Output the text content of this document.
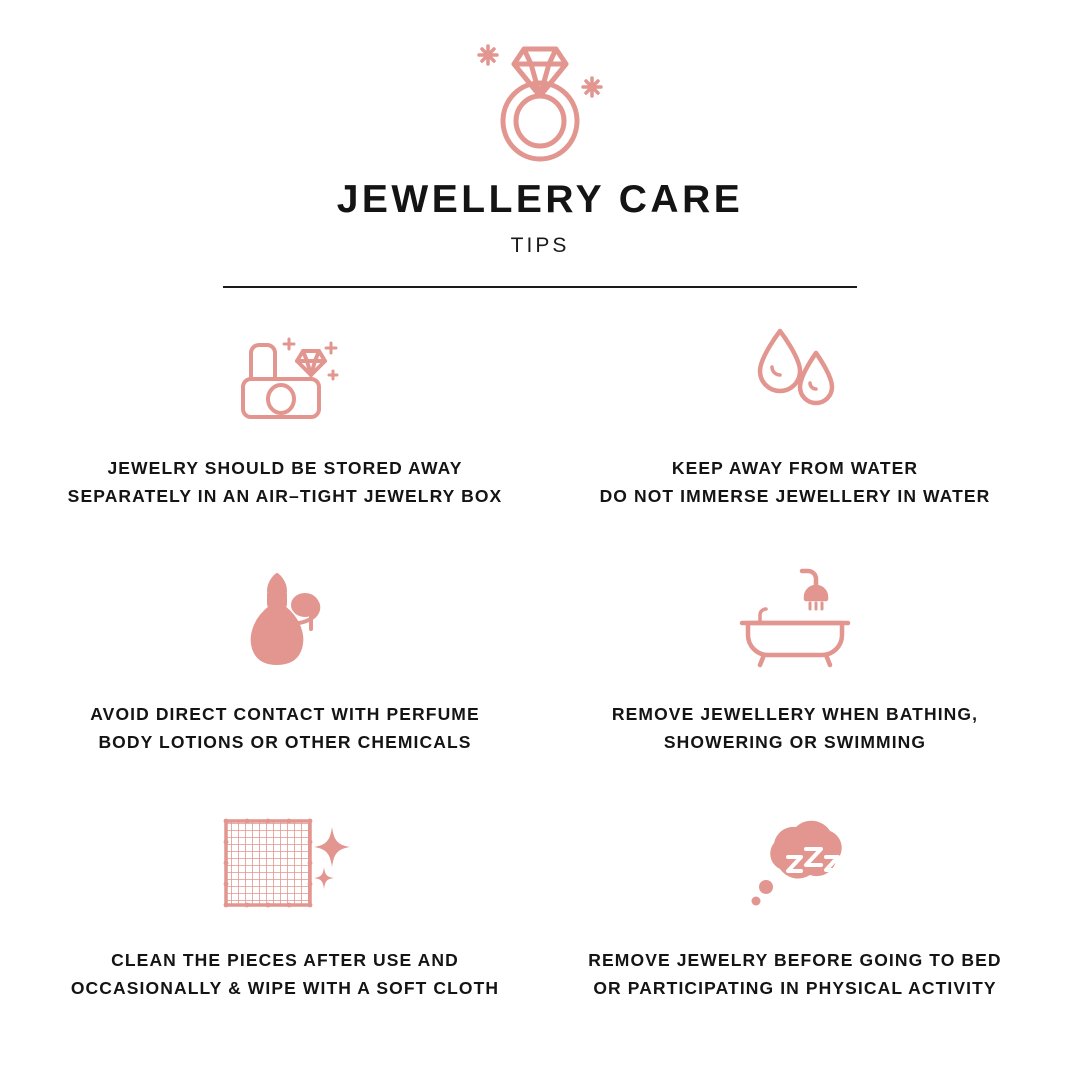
JEWELLERY CARE
TIPS
JEWELRY SHOULD BE STORED AWAY
SEPARATELY IN AN AIR–TIGHT JEWELRY BOX
KEEP AWAY FROM WATER
DO NOT IMMERSE JEWELLERY IN WATER
AVOID DIRECT CONTACT WITH PERFUME
BODY LOTIONS OR OTHER CHEMICALS
REMOVE JEWELLERY WHEN BATHING,
SHOWERING OR SWIMMING
CLEAN THE PIECES AFTER USE AND
OCCASIONALLY & WIPE WITH A SOFT CLOTH
REMOVE JEWELRY BEFORE GOING TO BED
OR PARTICIPATING IN PHYSICAL ACTIVITY
